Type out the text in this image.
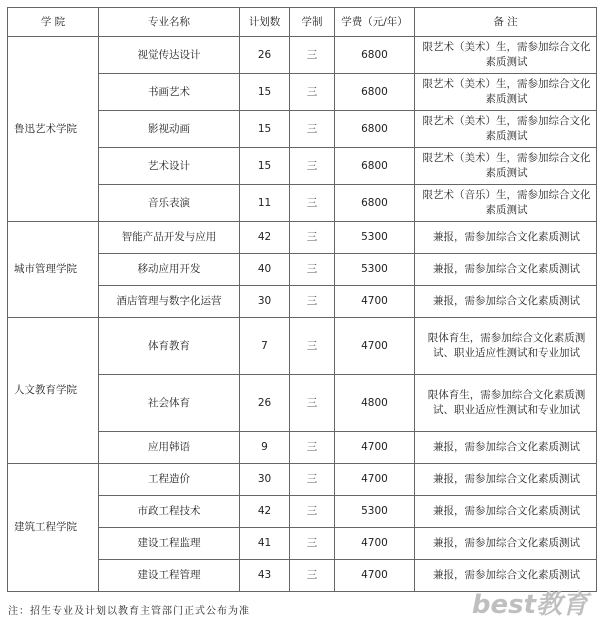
学 院	专业名称	计划数	学制	学费（元/年）	备 注
鲁迅艺术学院	视觉传达设计	26	三	6800	限艺术（美术）生，需参加综合文化素质测试
	书画艺术	15	三	6800	限艺术（美术）生，需参加综合文化素质测试
	影视动画	15	三	6800	限艺术（美术）生，需参加综合文化素质测试
	艺术设计	15	三	6800	限艺术（美术）生，需参加综合文化素质测试
	音乐表演	11	三	6800	限艺术（音乐）生，需参加综合文化素质测试
城市管理学院	智能产品开发与应用	42	三	5300	兼报，需参加综合文化素质测试
	移动应用开发	40	三	5300	兼报，需参加综合文化素质测试
	酒店管理与数字化运营	30	三	4700	兼报，需参加综合文化素质测试
人文教育学院	体育教育	7	三	4700	限体育生，需参加综合文化素质测试、职业适应性测试和专业加试
	社会体育	26	三	4800	限体育生，需参加综合文化素质测试、职业适应性测试和专业加试
	应用韩语	9	三	4700	兼报，需参加综合文化素质测试
建筑工程学院	工程造价	30	三	4700	兼报，需参加综合文化素质测试
	市政工程技术	42	三	5300	兼报，需参加综合文化素质测试
	建设工程监理	41	三	4700	兼报，需参加综合文化素质测试
	建设工程管理	43	三	4700	兼报，需参加综合文化素质测试
注：招生专业及计划以教育主管部门正式公布为准	best教育
